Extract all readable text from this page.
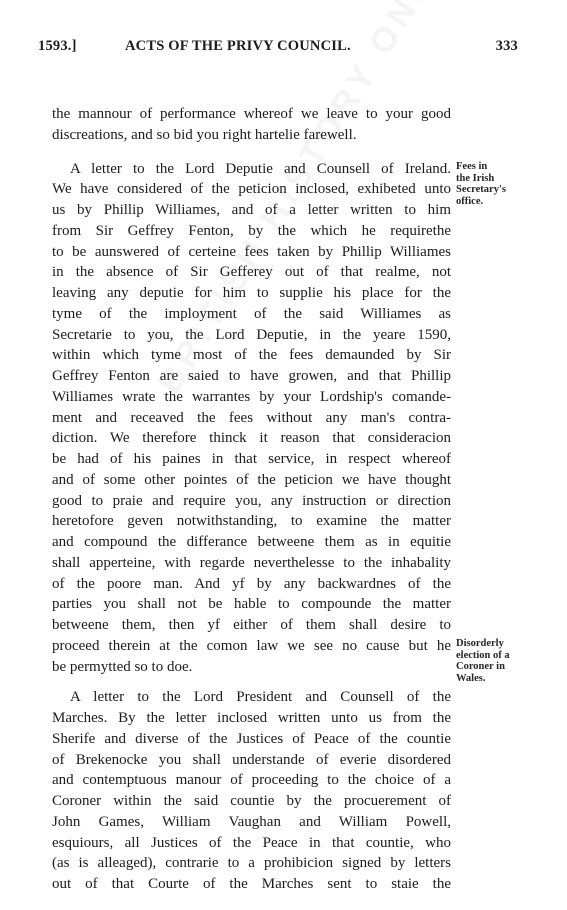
1593.]	ACTS OF THE PRIVY COUNCIL.	333
the mannour of performance whereof we leave to your good
discreations, and so bid you right hartelie farewell.
A letter to the Lord Deputie and Counsell of Ireland.
We have considered of the peticion inclosed, exhibeted unto
us by Phillip Williames, and of a letter written to him
from Sir Geffrey Fenton, by the which he requirethe
to be aunswered of certeine fees taken by Phillip Williames
in the absence of Sir Gefferey out of that realme, not
leaving any deputie for him to supplie his place for the
tyme of the imployment of the said Williames as
Secretarie to you, the Lord Deputie, in the yeare 1590,
within which tyme most of the fees demaunded by Sir
Geffrey Fenton are saied to have growen, and that Phillip
Williames wrate the warrantes by your Lordship's comande-
ment and receaved the fees without any man's contra-
diction. We therefore thinck it reason that consideracion
be had of his paines in that service, in respect whereof
and of some other pointes of the peticion we have thought
good to praie and require you, any instruction or direction
heretofore geven notwithstanding, to examine the matter
and compound the differance betweene them as in equitie
shall apperteine, with regarde neverthelesse to the inhabality
of the poore man. And yf by any backwardnes of the
parties you shall not be hable to compounde the matter
betweene them, then yf either of them shall desire to
proceed therein at the comon law we see no cause but he
be permytted so to doe.
A letter to the Lord President and Counsell of the
Marches. By the letter inclosed written unto us from the
Sherife and diverse of the Justices of Peace of the countie
of Brekenocke you shall understande of everie disordered
and contemptuous manour of proceeding to the choice of a
Coroner within the said countie by the procuerement of
John Games, William Vaughan and William Powell,
esquiours, all Justices of the Peace in that countie, who
(as is alleaged), contrarie to a prohibicion signed by letters
out of that Courte of the Marches sent to staie the
Fees in
the Irish
Secretary's
office.
Disorderly
election of a
Coroner in
Wales.
